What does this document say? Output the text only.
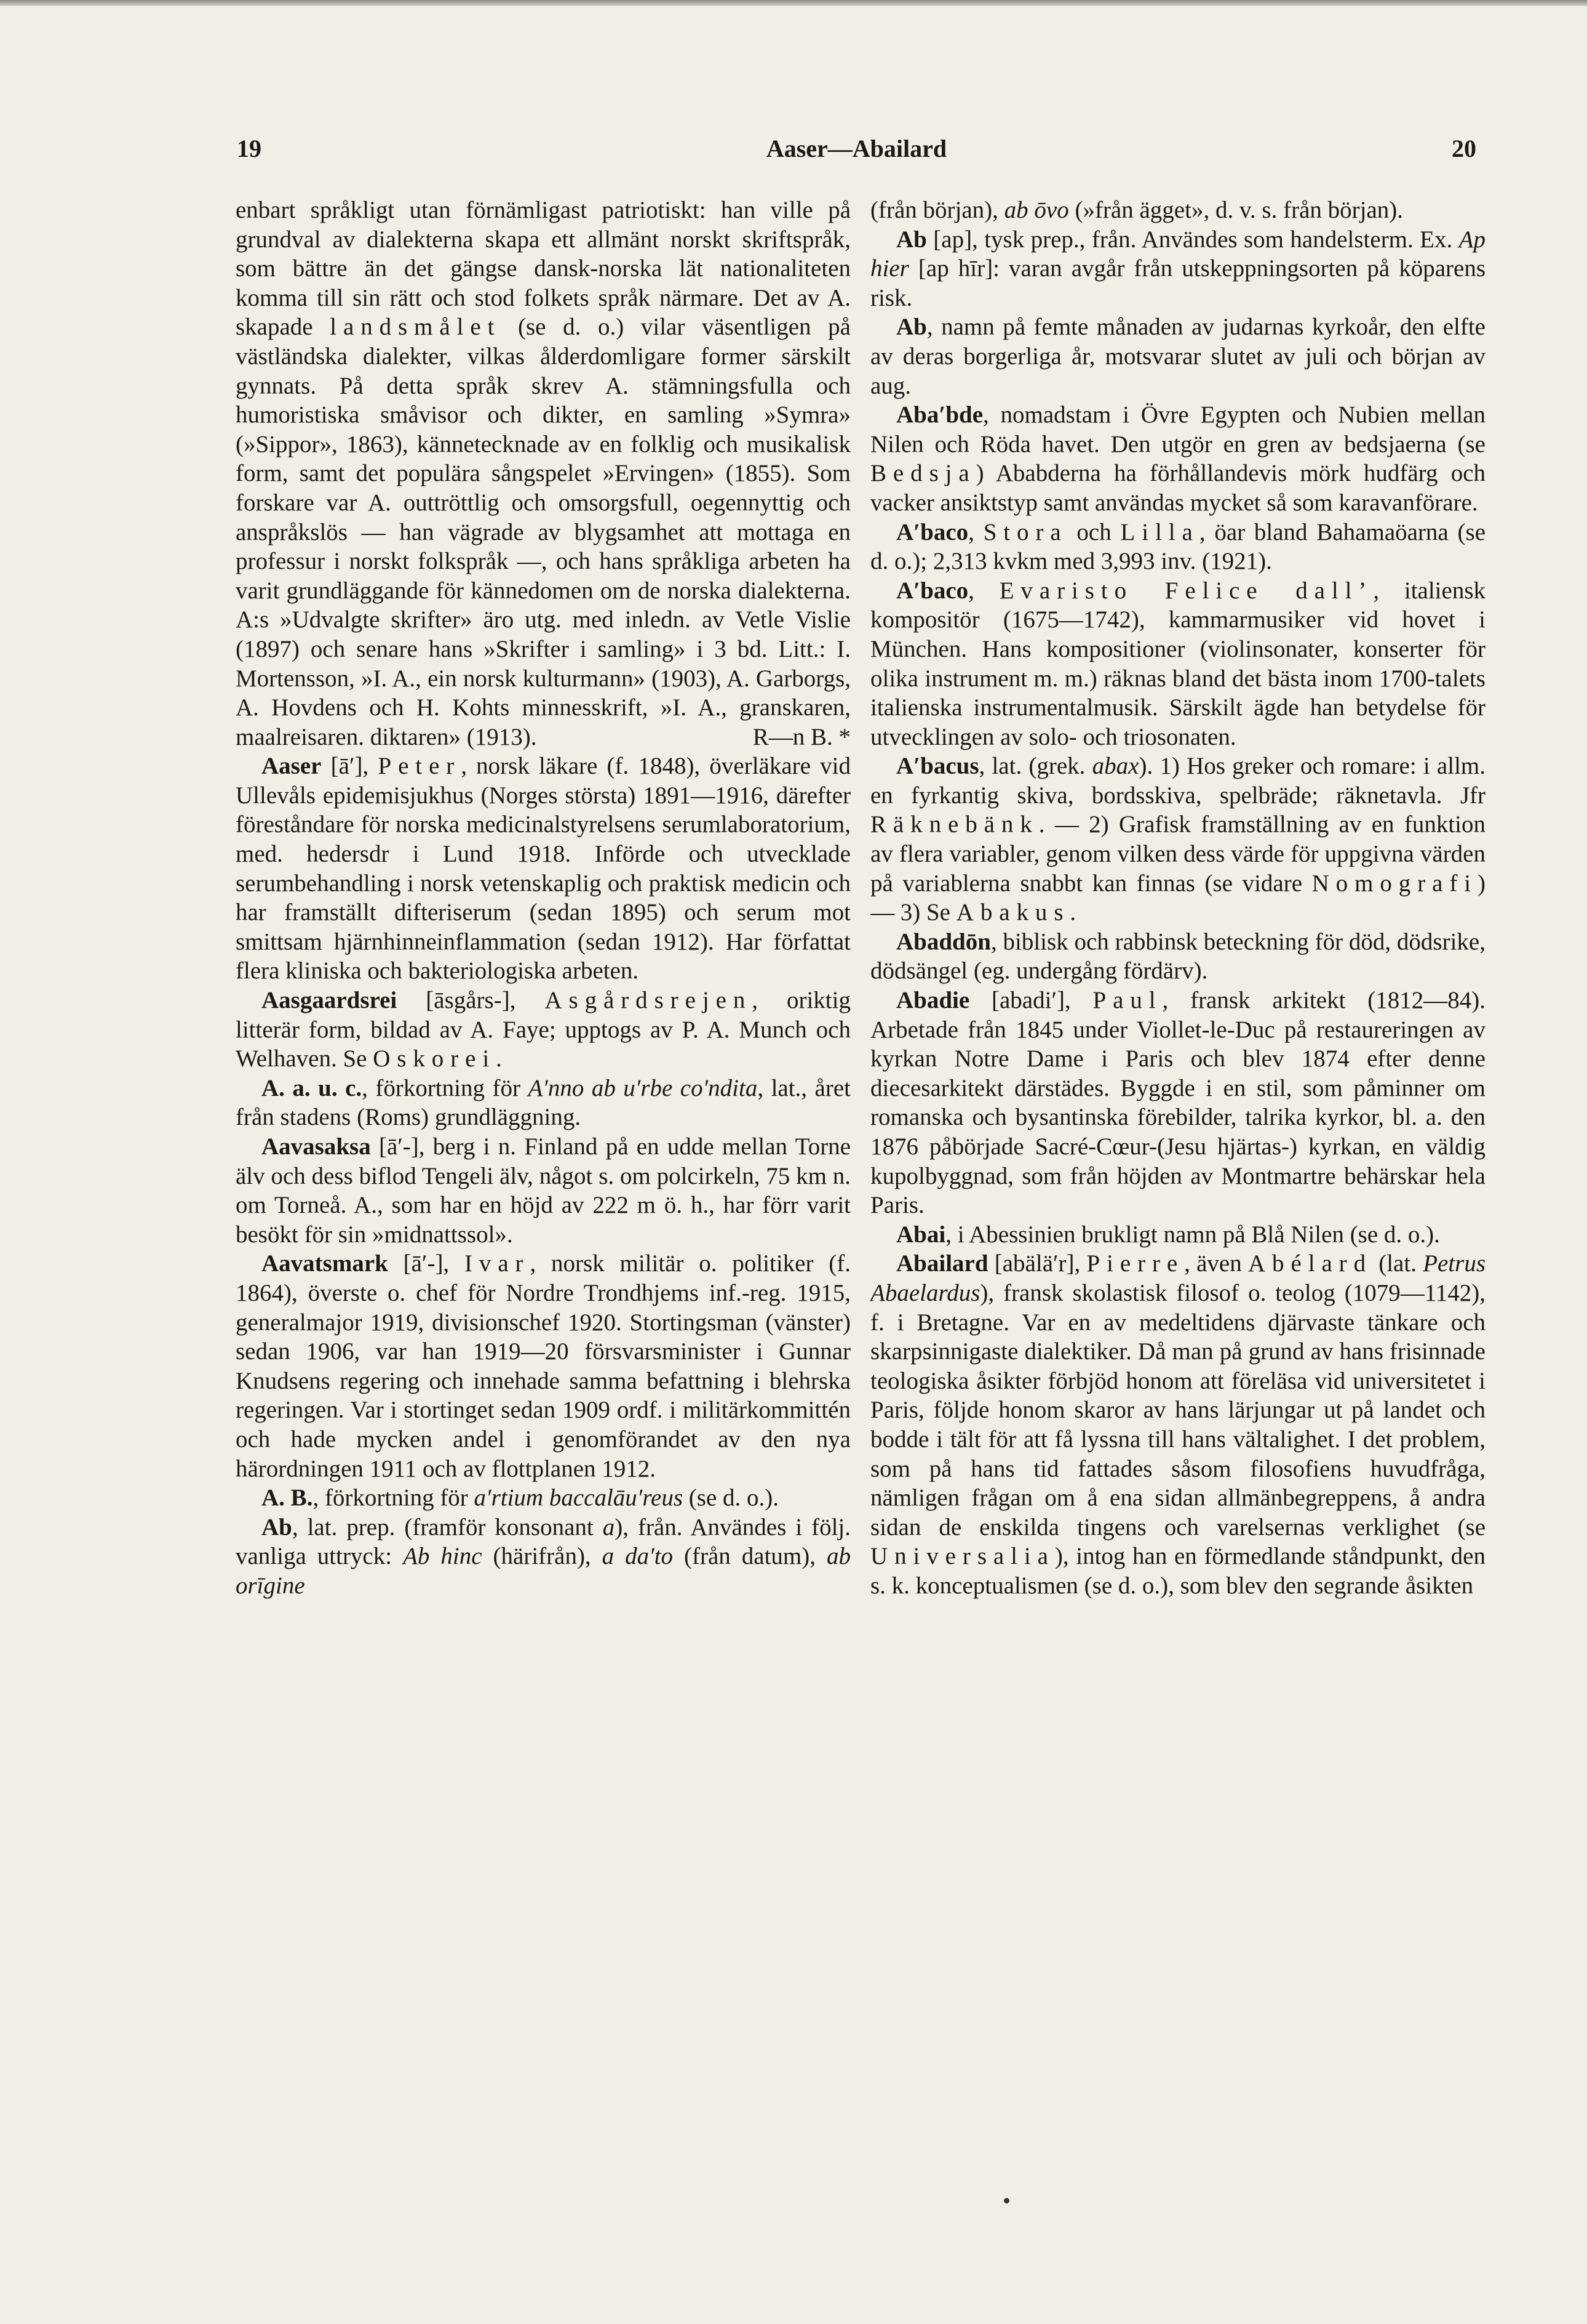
19	Aaser—Abailard	20

enbart språkligt utan förnämligast patriotiskt: han ville på grundval av dialekterna skapa ett allmänt norskt skriftspråk, som bättre än det gängse dansk-norska lät nationaliteten komma till sin rätt och stod folkets språk närmare. Det av A. skapade landsmålet (se d. o.) vilar väsentligen på västländska dialekter, vilkas ålderdomligare former särskilt gynnats. På detta språk skrev A. stämningsfulla och humoristiska småvisor och dikter, en samling »Symra» (»Sippor», 1863), kännetecknade av en folklig och musikalisk form, samt det populära sångspelet »Ervingen» (1855). Som forskare var A. outtröttlig och omsorgsfull, oegennyttig och anspråkslös — han vägrade av blygsamhet att mottaga en professur i norskt folkspråk —, och hans språkliga arbeten ha varit grundläggande för kännedomen om de norska dialekterna. A:s »Udvalgte skrifter» äro utg. med inledn. av Vetle Vislie (1897) och senare hans »Skrifter i samling» i 3 bd. Litt.: I. Mortensson, »I. A., ein norsk kulturmann» (1903), A. Garborgs, A. Hovdens och H. Kohts minnesskrift, »I. A., granskaren, maalreisaren. diktaren» (1913).	R—n B. *

Aaser [ā′], Peter, norsk läkare (f. 1848), överläkare vid Ullevåls epidemisjukhus (Norges största) 1891—1916, därefter föreståndare för norska medicinalstyrelsens serumlaboratorium, med. hedersdr i Lund 1918. Införde och utvecklade serumbehandling i norsk vetenskaplig och praktisk medicin och har framställt difteriserum (sedan 1895) och serum mot smittsam hjärnhinneinflammation (sedan 1912). Har författat flera kliniska och bakteriologiska arbeten.

Aasgaardsrei [āsgårs-], Asgårdsrejen, oriktig litterär form, bildad av A. Faye; upptogs av P. A. Munch och Welhaven. Se Oskorei.

A. a. u. c., förkortning för A′nno ab u′rbe co′ndita, lat., året från stadens (Roms) grundläggning.

Aavasaksa [ā′-], berg i n. Finland på en udde mellan Torne älv och dess biflod Tengeli älv, något s. om polcirkeln, 75 km n. om Torneå. A., som har en höjd av 222 m ö. h., har förr varit besökt för sin »midnattssol».

Aavatsmark [ā′-], Ivar, norsk militär o. politiker (f. 1864), överste o. chef för Nordre Trondhjems inf.-reg. 1915, generalmajor 1919, divisionschef 1920. Stortingsman (vänster) sedan 1906, var han 1919—20 försvarsminister i Gunnar Knudsens regering och innehade samma befattning i blehrska regeringen. Var i stortinget sedan 1909 ordf. i militärkommittén och hade mycken andel i genomförandet av den nya härordningen 1911 och av flottplanen 1912.

A. B., förkortning för a′rtium baccalāu′reus (se d. o.).

Ab, lat. prep. (framför konsonant a), från. Användes i följ. vanliga uttryck: Ab hinc (härifrån), a da′to (från datum), ab orīgine

(från början), ab ōvo (»från ägget», d. v. s. från början).

Ab [ap], tysk prep., från. Användes som handelsterm. Ex. Ap hier [ap hīr]: varan avgår från utskeppningsorten på köparens risk.

Ab, namn på femte månaden av judarnas kyrkoår, den elfte av deras borgerliga år, motsvarar slutet av juli och början av aug.

Aba′bde, nomadstam i Övre Egypten och Nubien mellan Nilen och Röda havet. Den utgör en gren av bedsjaerna (se Bedsja) Ababderna ha förhållandevis mörk hudfärg och vacker ansiktstyp samt användas mycket så som karavanförare.

A′baco, Stora och Lilla, öar bland Bahamaöarna (se d. o.); 2,313 kvkm med 3,993 inv. (1921).

A′baco, Evaristo Felice dall’, italiensk kompositör (1675—1742), kammarmusiker vid hovet i München. Hans kompositioner (violinsonater, konserter för olika instrument m. m.) räknas bland det bästa inom 1700-talets italienska instrumentalmusik. Särskilt ägde han betydelse för utvecklingen av solo- och triosonaten.

A′bacus, lat. (grek. abax). 1) Hos greker och romare: i allm. en fyrkantig skiva, bordsskiva, spelbräde; räknetavla. Jfr Räknebänk. — 2) Grafisk framställning av en funktion av flera variabler, genom vilken dess värde för uppgivna värden på variablerna snabbt kan finnas (se vidare Nomografi) — 3) Se Abakus.

Abaddōn, biblisk och rabbinsk beteckning för död, dödsrike, dödsängel (eg. undergång fördärv).

Abadie [abadi′], Paul, fransk arkitekt (1812—84). Arbetade från 1845 under Viollet-le-Duc på restaureringen av kyrkan Notre Dame i Paris och blev 1874 efter denne diecesarkitekt därstädes. Byggde i en stil, som påminner om romanska och bysantinska förebilder, talrika kyrkor, bl. a. den 1876 påbörjade Sacré-Cœur-(Jesu hjärtas-) kyrkan, en väldig kupolbyggnad, som från höjden av Montmartre behärskar hela Paris.

Abai, i Abessinien brukligt namn på Blå Nilen (se d. o.).

Abailard [abälä′r], Pierre, även Abélard (lat. Petrus Abaelardus), fransk skolastisk filosof o. teolog (1079—1142), f. i Bretagne. Var en av medeltidens djärvaste tänkare och skarpsinnigaste dialektiker. Då man på grund av hans frisinnade teologiska åsikter förbjöd honom att föreläsa vid universitetet i Paris, följde honom skaror av hans lärjungar ut på landet och bodde i tält för att få lyssna till hans vältalighet. I det problem, som på hans tid fattades såsom filosofiens huvudfråga, nämligen frågan om å ena sidan allmänbegreppens, å andra sidan de enskilda tingens och varelsernas verklighet (se Universalia), intog han en förmedlande ståndpunkt, den s. k. konceptualismen (se d. o.), som blev den segrande åsikten
